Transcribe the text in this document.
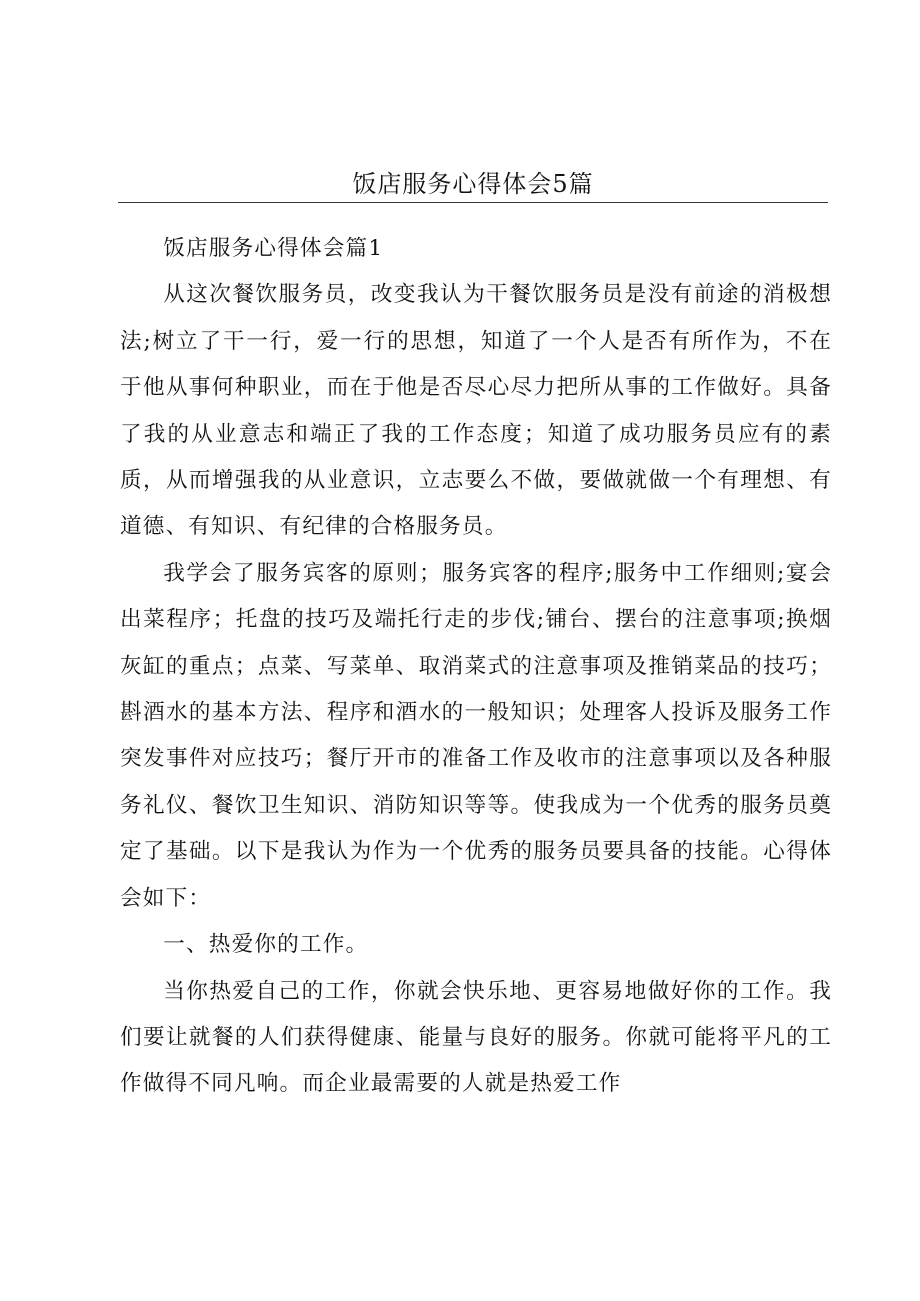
饭店服务心得体会5篇

饭店服务心得体会篇1

从这次餐饮服务员，改变我认为干餐饮服务员是没有前途的消极想法;树立了干一行，爱一行的思想，知道了一个人是否有所作为，不在于他从事何种职业，而在于他是否尽心尽力把所从事的工作做好。具备了我的从业意志和端正了我的工作态度；知道了成功服务员应有的素质，从而增强我的从业意识，立志要么不做，要做就做一个有理想、有道德、有知识、有纪律的合格服务员。

我学会了服务宾客的原则；服务宾客的程序;服务中工作细则;宴会出菜程序；托盘的技巧及端托行走的步伐;铺台、摆台的注意事项;换烟灰缸的重点；点菜、写菜单、取消菜式的注意事项及推销菜品的技巧；斟酒水的基本方法、程序和酒水的一般知识；处理客人投诉及服务工作突发事件对应技巧；餐厅开市的准备工作及收市的注意事项以及各种服务礼仪、餐饮卫生知识、消防知识等等。使我成为一个优秀的服务员奠定了基础。以下是我认为作为一个优秀的服务员要具备的技能。心得体会如下：

一、热爱你的工作。

当你热爱自己的工作，你就会快乐地、更容易地做好你的工作。我们要让就餐的人们获得健康、能量与良好的服务。你就可能将平凡的工作做得不同凡响。而企业最需要的人就是热爱工作
